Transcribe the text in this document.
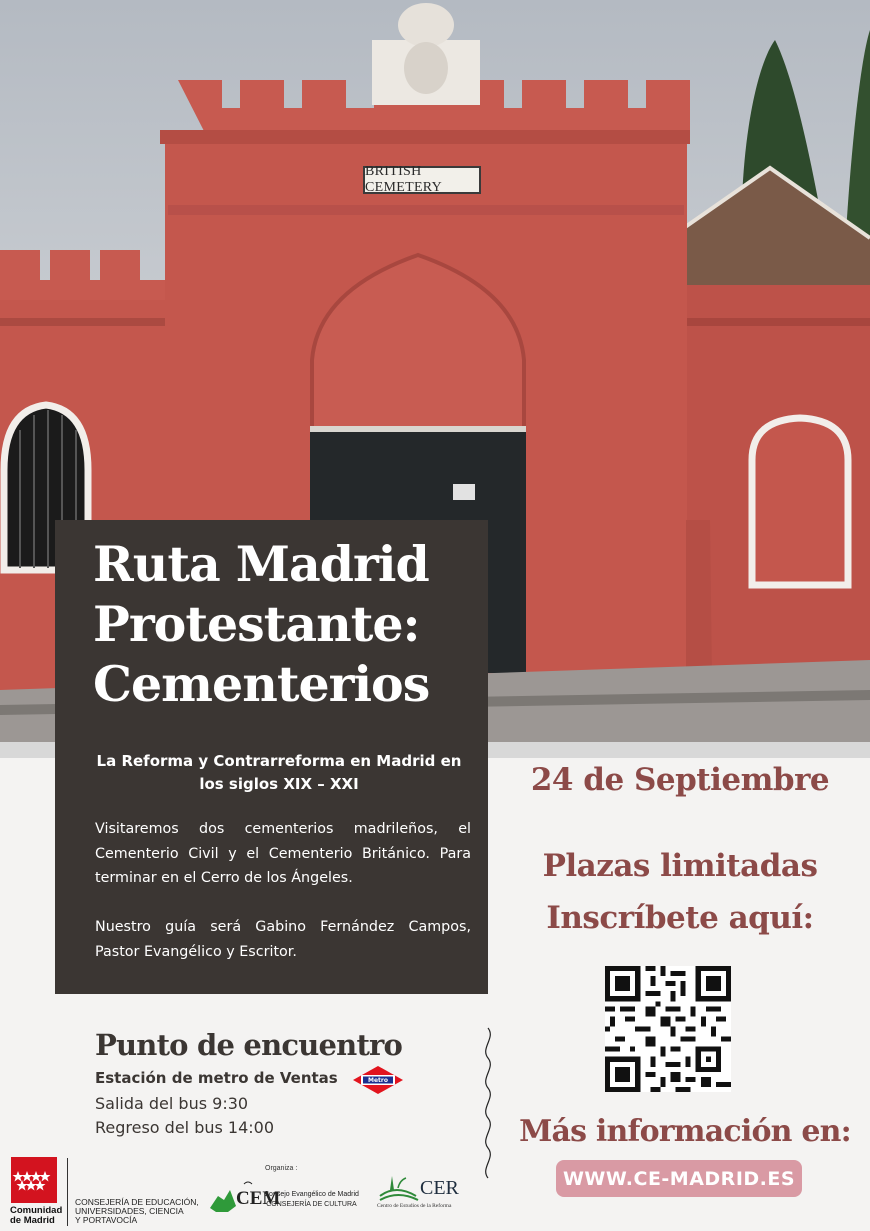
BRITISH CEMETERY
Ruta Madrid
Protestante:
Cementerios
La Reforma y Contrarreforma en Madrid en los siglos XIX – XXI

Visitaremos dos cementerios madrileños, el Cementerio Civil y el Cementerio Británico. Para terminar en el Cerro de los Ángeles.

Nuestro guía será Gabino Fernández Campos, Pastor Evangélico y Escritor.

24 de Septiembre
Plazas limitadas
Inscríbete aquí:
Más información en:
WWW.CE-MADRID.ES
Punto de encuentro
Estación de metro de Ventas	Metro
Salida del bus 9:30
Regreso del bus 14:00
Comunidad
de Madrid
CONSEJERÍA DE EDUCACIÓN,
UNIVERSIDADES, CIENCIA
Y PORTAVOCÍA
Organiza :
CEM
Consejo Evangélico de Madrid
CONSEJERÍA DE CULTURA
CER
Centro de Estudios de la Reforma
